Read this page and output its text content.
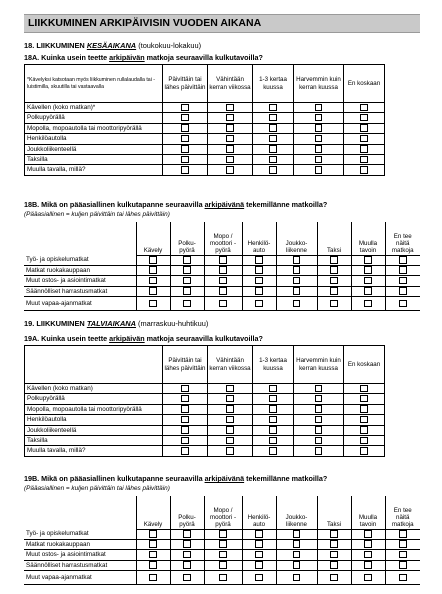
LIIKKUMINEN ARKIPÄIVISIN VUODEN AIKANA
18. LIIKKUMINEN KESÄAIKANA (toukokuu-lokakuu)
18A. Kuinka usein teette arkipäivän matkoja seuraavilla kulkutavoilla?
*Kävelyksi katsotaan myös liikkuminen rullalaudalla tai -luistimilla, skuutilla tai vastaavalla	Päivittäin tai lähes päivittäin	Vähintään kerran viikossa	1-3 kertaa kuussa	Harvemmin kuin kerran kuussa	En koskaan
Kävellen (koko matkan)*					
Polkupyörällä					
Mopolla, mopoautolla tai moottoripyörällä					
Henkilöautolla					
Joukkoliikenteellä					
Taksilla					
Muulla tavalla, millä?					
18B. Mikä on pääasiallinen kulkutapanne seuraavilla arkipäivänä tekemillänne matkoilla?
(Pääasiallinen = kuljen päivittäin tai lähes päivittäin)
	Kävely	Polku-pyörä	Mopo / moottori -pyörä	Henkilö-auto	Joukko-liikenne	Taksi	Muulla tavoin	En tee näitä matkoja
Työ- ja opiskelumatkat								
Matkat ruokakauppaan								
Muut ostos- ja asiointimatkat								
Säännölliset harrastusmatkat								
Muut vapaa-ajanmatkat								
19. LIIKKUMINEN TALVIAIKANA (marraskuu-huhtikuu)
19A. Kuinka usein teette arkipäivän matkoja seuraavilla kulkutavoilla?
	Päivittäin tai lähes päivittäin	Vähintään kerran viikossa	1-3 kertaa kuussa	Harvemmin kuin kerran kuussa	En koskaan
Kävellen (koko matkan)					
Polkupyörällä					
Mopolla, mopoautolla tai moottoripyörällä					
Henkilöautolla					
Joukkoliikenteellä					
Taksilla					
Muulla tavalla, millä?					
19B. Mikä on pääasiallinen kulkutapanne seuraavilla arkipäivänä tekemillänne matkoilla?
(Pääasiallinen = kuljen päivittäin tai lähes päivittäin)
	Kävely	Polku-pyörä	Mopo / moottori -pyörä	Henkilö-auto	Joukko-liikenne	Taksi	Muulla tavoin	En tee näitä matkoja
Työ- ja opiskelumatkat								
Matkat ruokakauppaan								
Muut ostos- ja asiointimatkat								
Säännölliset harrastusmatkat								
Muut vapaa-ajanmatkat								
